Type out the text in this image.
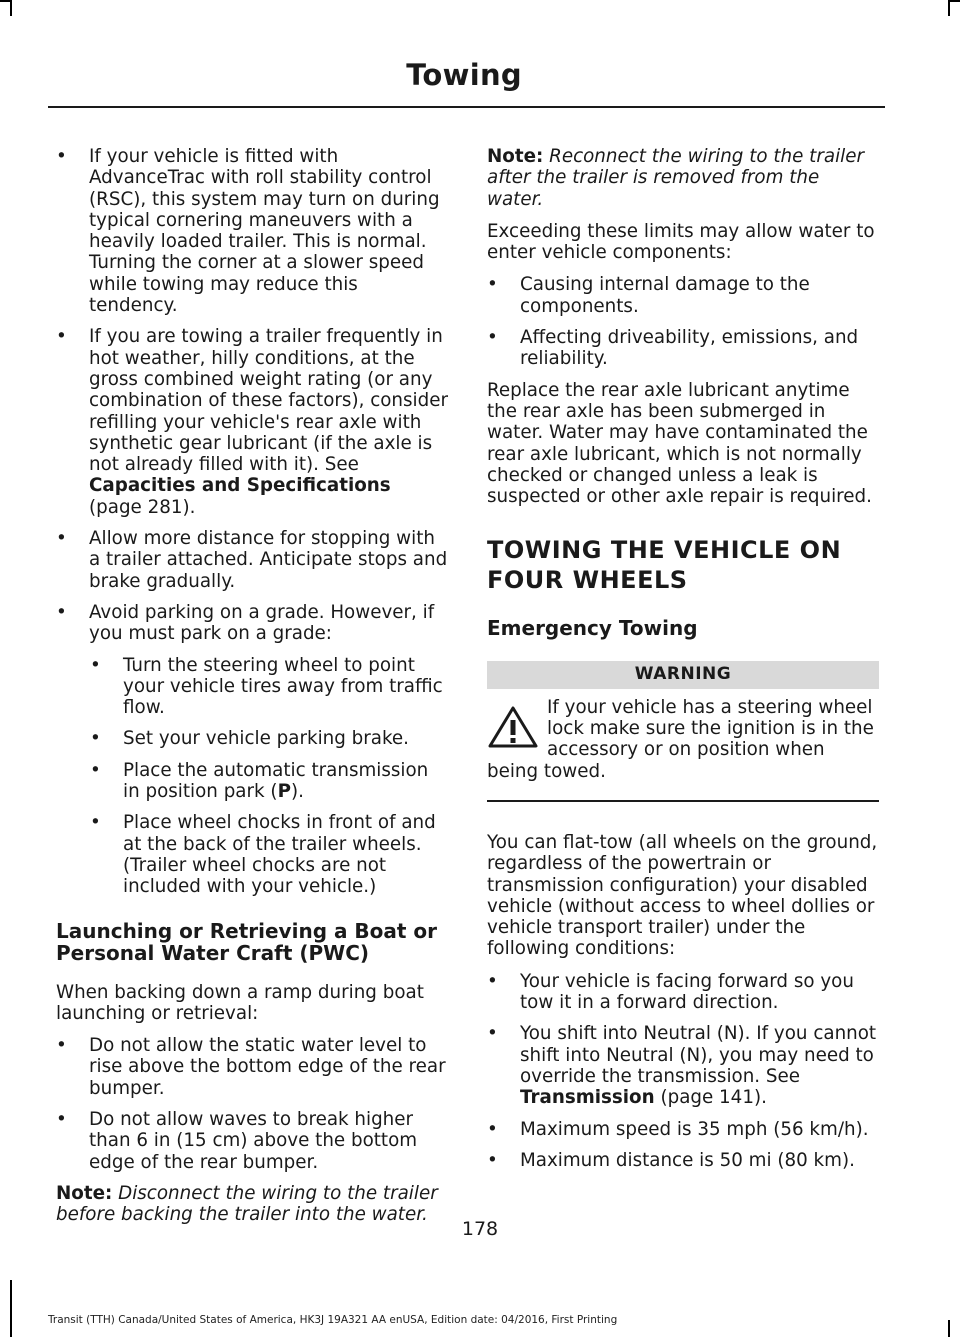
Towing
• If your vehicle is fitted with AdvanceTrac with roll stability control (RSC), this system may turn on during typical cornering maneuvers with a heavily loaded trailer. This is normal. Turning the corner at a slower speed while towing may reduce this tendency.
• If you are towing a trailer frequently in hot weather, hilly conditions, at the gross combined weight rating (or any combination of these factors), consider refilling your vehicle's rear axle with synthetic gear lubricant (if the axle is not already filled with it). See Capacities and Specifications (page 281).
• Allow more distance for stopping with a trailer attached. Anticipate stops and brake gradually.
• Avoid parking on a grade. However, if you must park on a grade:
• Turn the steering wheel to point your vehicle tires away from traffic flow.
• Set your vehicle parking brake.
• Place the automatic transmission in position park (P).
• Place wheel chocks in front of and at the back of the trailer wheels. (Trailer wheel chocks are not included with your vehicle.)
Launching or Retrieving a Boat or Personal Water Craft (PWC)

When backing down a ramp during boat launching or retrieval:

• Do not allow the static water level to rise above the bottom edge of the rear bumper.
• Do not allow waves to break higher than 6 in (15 cm) above the bottom edge of the rear bumper.

Note: Disconnect the wiring to the trailer before backing the trailer into the water.

Note: Reconnect the wiring to the trailer after the trailer is removed from the water.

Exceeding these limits may allow water to enter vehicle components:

• Causing internal damage to the components.
• Affecting driveability, emissions, and reliability.

Replace the rear axle lubricant anytime the rear axle has been submerged in water. Water may have contaminated the rear axle lubricant, which is not normally checked or changed unless a leak is suspected or other axle repair is required.

TOWING THE VEHICLE ON FOUR WHEELS
Emergency Towing
WARNING
If your vehicle has a steering wheel lock make sure the ignition is in the accessory or on position when being towed.

You can flat-tow (all wheels on the ground, regardless of the powertrain or transmission configuration) your disabled vehicle (without access to wheel dollies or vehicle transport trailer) under the following conditions:

• Your vehicle is facing forward so you tow it in a forward direction.
• You shift into Neutral (N). If you cannot shift into Neutral (N), you may need to override the transmission. See Transmission (page 141).
• Maximum speed is 35 mph (56 km/h).
• Maximum distance is 50 mi (80 km).
178
Transit (TTH) Canada/United States of America, HK3J 19A321 AA enUSA, Edition date: 04/2016, First Printing
